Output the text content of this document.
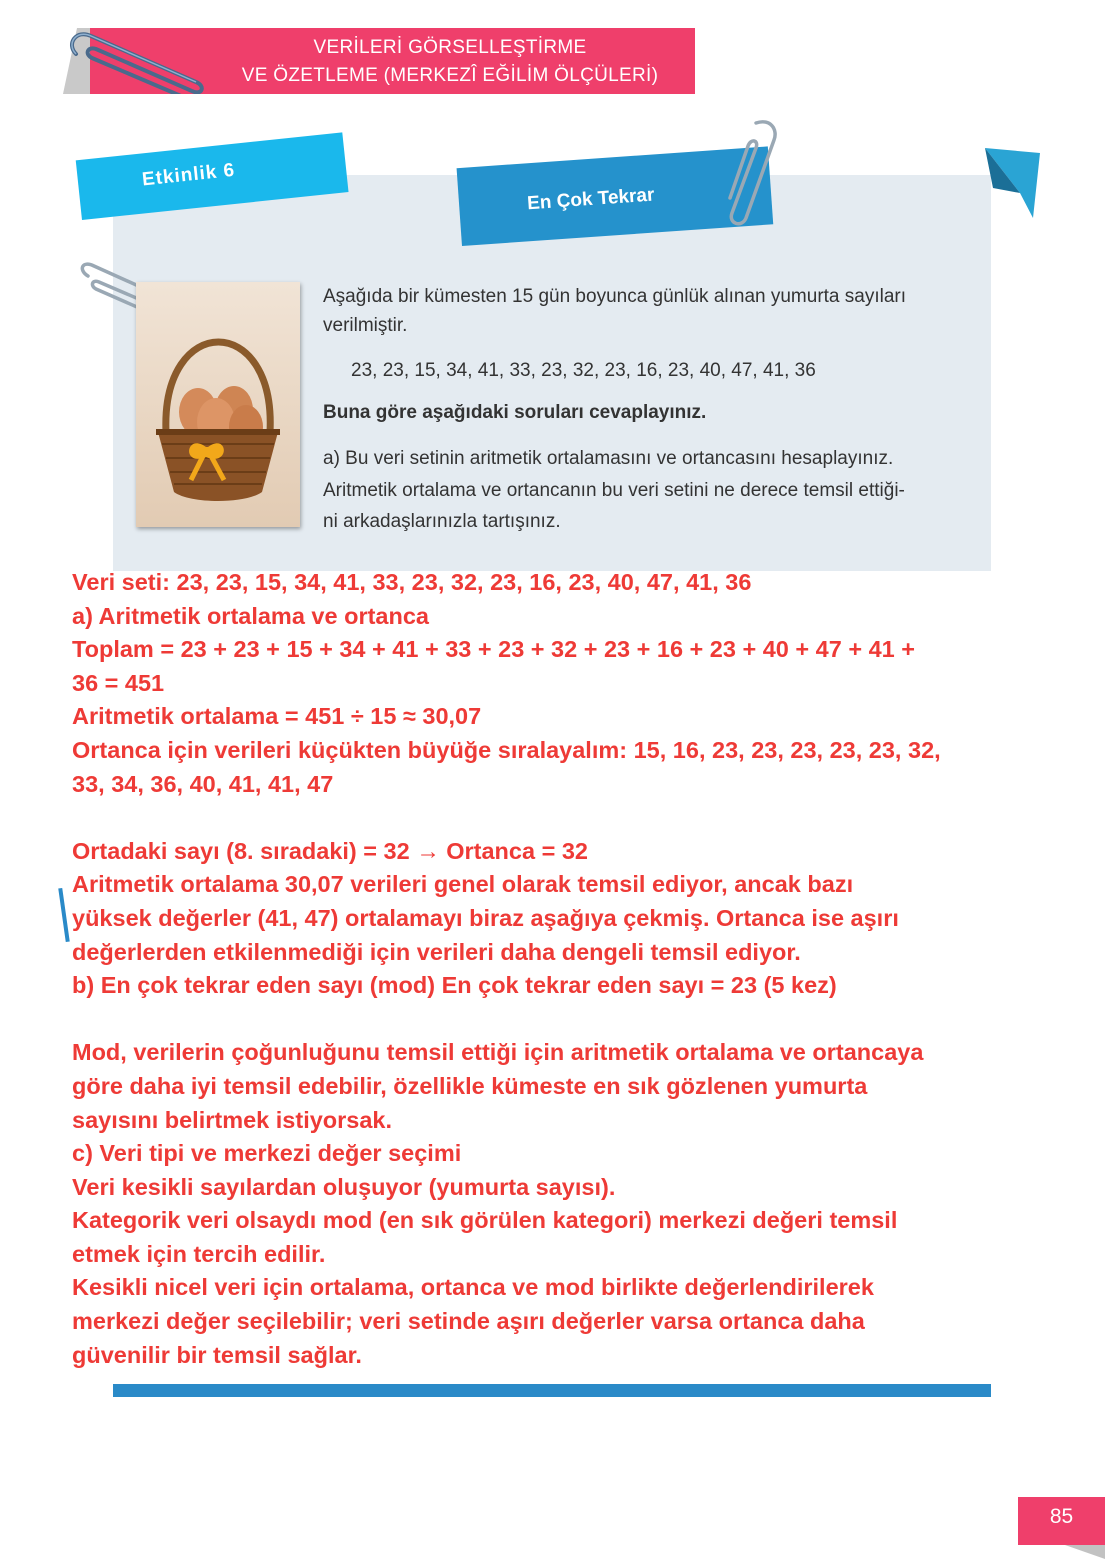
VERİLERİ GÖRSELLEŞTİRME
VE ÖZETLEME (MERKEZÎ EĞİLİM ÖLÇÜLERİ)
Etkinlik 6
En Çok Tekrar
Aşağıda bir kümesten 15 gün boyunca günlük alınan yumurta sayıları
verilmiştir.
23, 23, 15, 34, 41, 33, 23, 32, 23, 16, 23, 40, 47, 41, 36
Buna göre aşağıdaki soruları cevaplayınız.
a) Bu veri setinin aritmetik ortalamasını ve ortancasını hesaplayınız.
Aritmetik ortalama ve ortancanın bu veri setini ne derece temsil ettiği-
ni arkadaşlarınızla tartışınız.
Veri seti: 23, 23, 15, 34, 41, 33, 23, 32, 23, 16, 23, 40, 47, 41, 36
a) Aritmetik ortalama ve ortanca
Toplam = 23 + 23 + 15 + 34 + 41 + 33 + 23 + 32 + 23 + 16 + 23 + 40 + 47 + 41 +
36 = 451
Aritmetik ortalama = 451 ÷ 15 ≈ 30,07
Ortanca için verileri küçükten büyüğe sıralayalım: 15, 16, 23, 23, 23, 23, 23, 32,
33, 34, 36, 40, 41, 41, 47
Ortadaki sayı (8. sıradaki) = 32 → Ortanca = 32
Aritmetik ortalama 30,07 verileri genel olarak temsil ediyor, ancak bazı
yüksek değerler (41, 47) ortalamayı biraz aşağıya çekmiş. Ortanca ise aşırı
değerlerden etkilenmediği için verileri daha dengeli temsil ediyor.
b) En çok tekrar eden sayı (mod) En çok tekrar eden sayı = 23 (5 kez)
Mod, verilerin çoğunluğunu temsil ettiği için aritmetik ortalama ve ortancaya
göre daha iyi temsil edebilir, özellikle kümeste en sık gözlenen yumurta
sayısını belirtmek istiyorsak.
c) Veri tipi ve merkezi değer seçimi
Veri kesikli sayılardan oluşuyor (yumurta sayısı).
Kategorik veri olsaydı mod (en sık görülen kategori) merkezi değeri temsil
etmek için tercih edilir.
Kesikli nicel veri için ortalama, ortanca ve mod birlikte değerlendirilerek
merkezi değer seçilebilir; veri setinde aşırı değerler varsa ortanca daha
güvenilir bir temsil sağlar.
85
